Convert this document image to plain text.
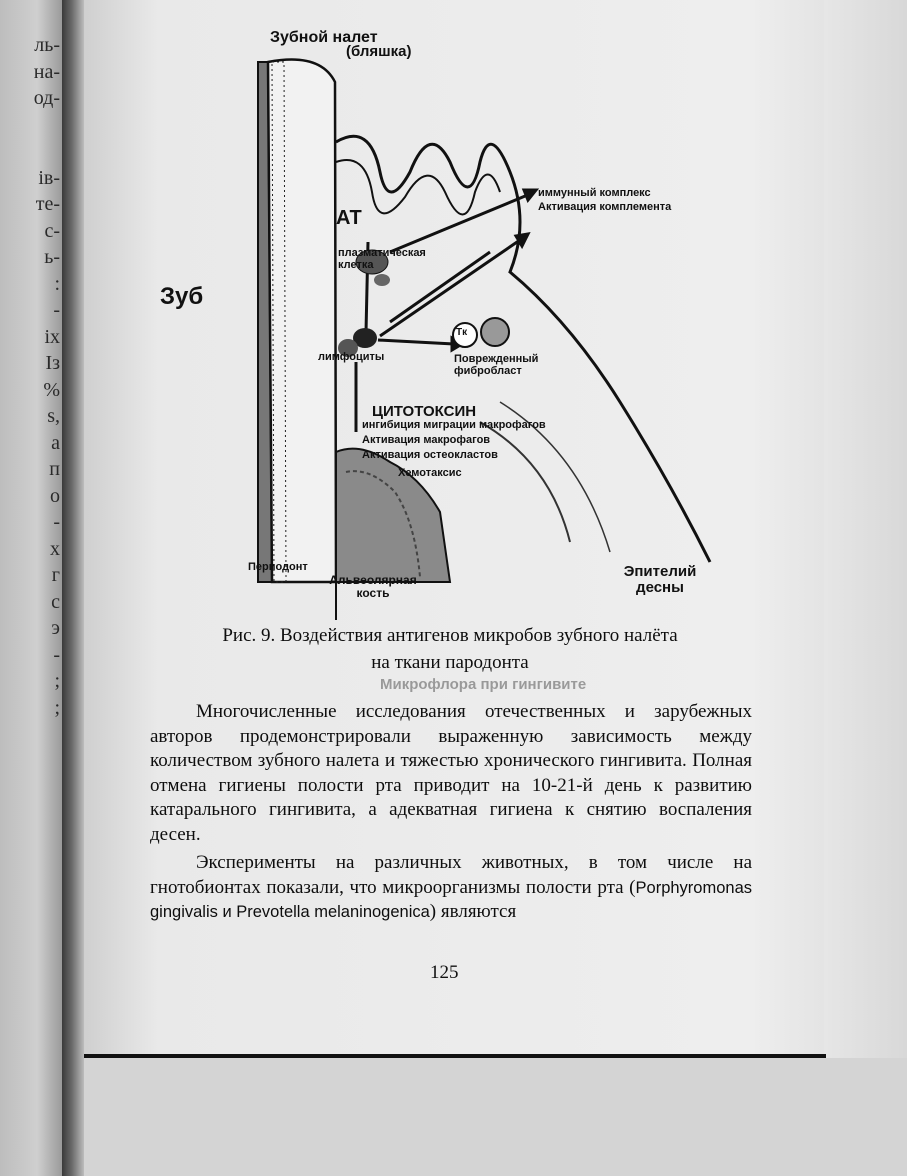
ль-
на-
од-
ів-
те-
с-
ь-
:
-
ix
Із
%
s,
а
п
о
-
х
г
с
э
-
;
;
Зубной налет
(бляшка)
Зуб
иммунный комплекс
Активация комплемента
АТ
плазматическая клетка
лимфоциты
Tк
Поврежденный фибробласт
ЦИТОТОКСИН
ингибиция миграции макрофагов
Активация макрофагов
Активация остеокластов
Хемотаксис
Периодонт
Альвеолярная кость
Эпителий десны
Рис. 9. Воздействия антигенов микробов зубного налёта
на ткани пародонта
Микрофлора при гингивите

Многочисленные исследования отечественных и зарубежных авторов продемонстрировали выраженную зависимость между количеством зубного налета и тяжестью хронического гингивита. Полная отмена гигиены полости рта приводит на 10-21-й день к развитию катарального гингивита, а адекватная гигиена к снятию воспаления десен.

Эксперименты на различных животных, в том числе на гнотобионтах показали, что микроорганизмы полости рта (Porphyromonas gingivalis и Prevotella melaninogenica) являются

125
